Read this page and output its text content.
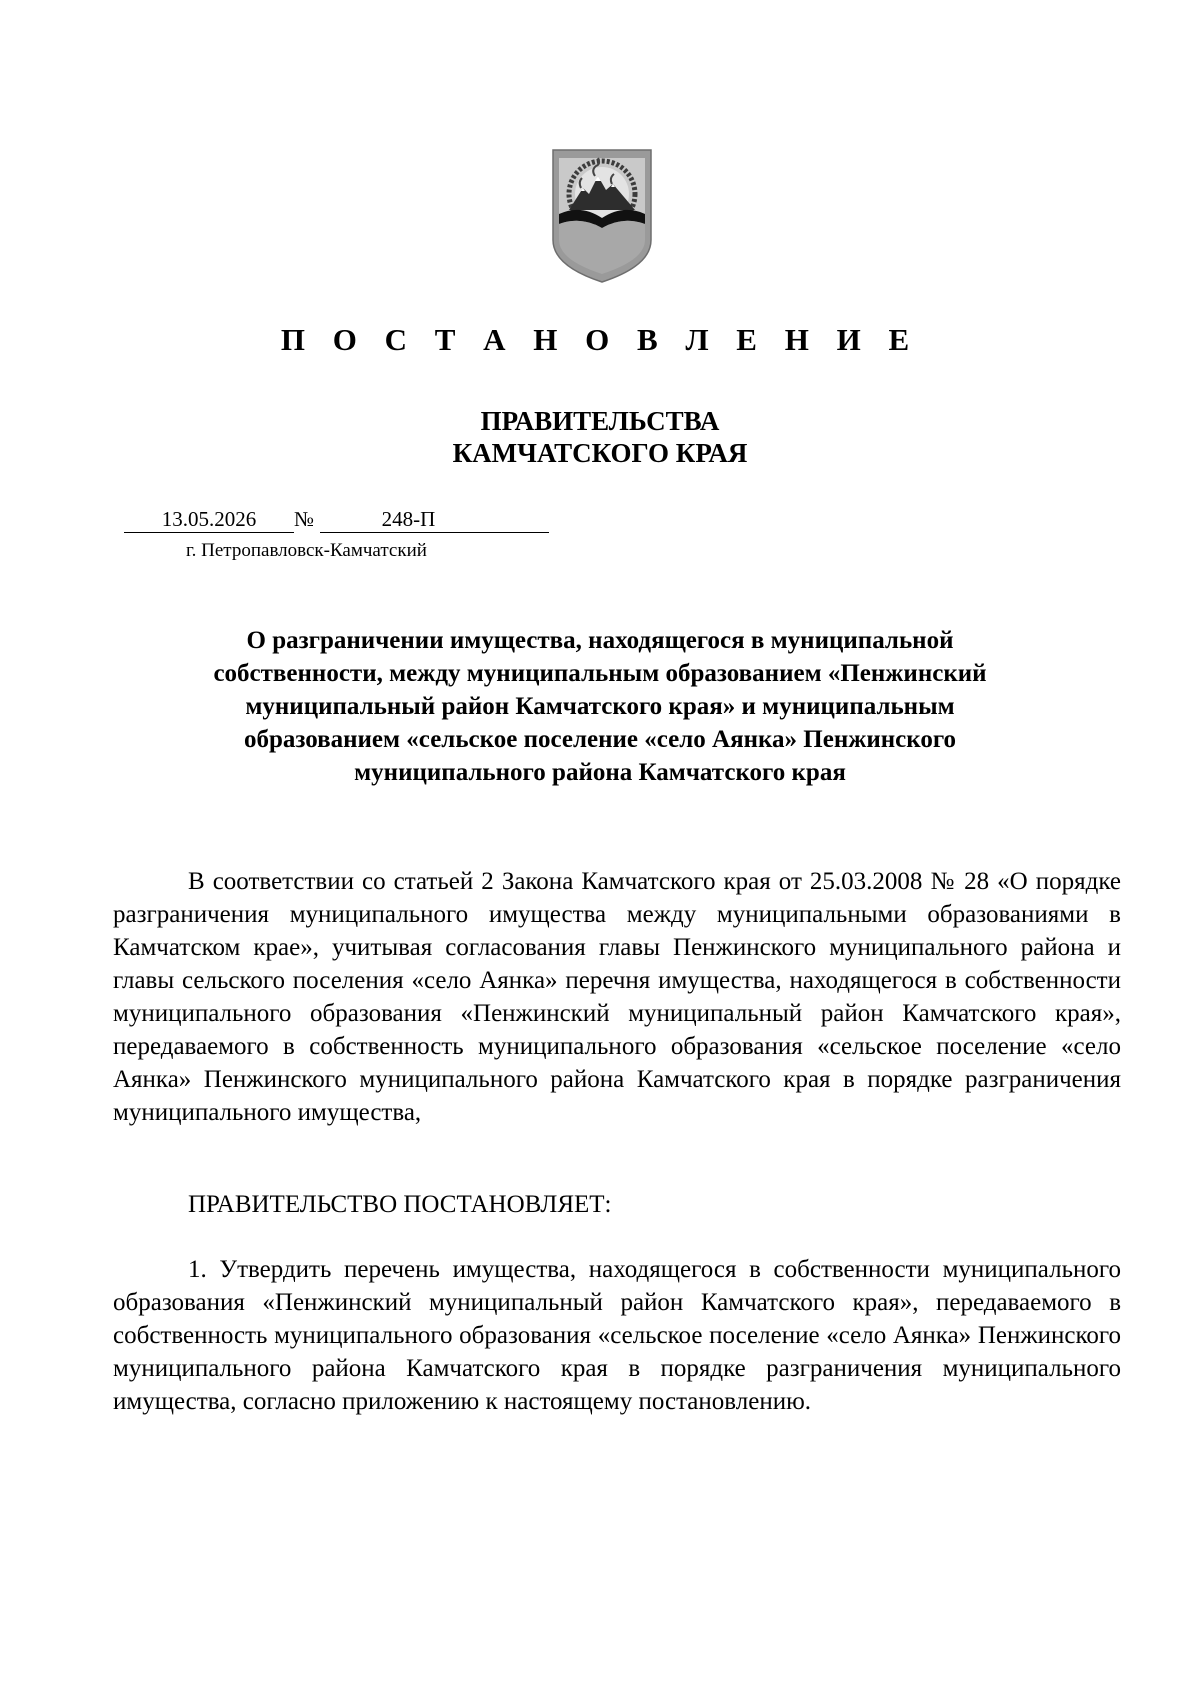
П О С Т А Н О В Л Е Н И Е
ПРАВИТЕЛЬСТВА
КАМЧАТСКОГО КРАЯ
13.05.2026	№	248-П
г. Петропавловск-Камчатский
О разграничении имущества, находящегося в муниципальной
собственности, между муниципальным образованием «Пенжинский
муниципальный район Камчатского края» и муниципальным
образованием «сельское поселение «село Аянка» Пенжинского
муниципального района Камчатского края

В соответствии со статьей 2 Закона Камчатского края от 25.03.2008 № 28 «О порядке разграничения муниципального имущества между муниципальными образованиями в Камчатском крае», учитывая согласования главы Пенжинского муниципального района и главы сельского поселения «село Аянка» перечня имущества, находящегося в собственности муниципального образования «Пенжинский муниципальный район Камчатского края», передаваемого в собственность муниципального образования «сельское поселение «село Аянка» Пенжинского муниципального района Камчатского края в порядке разграничения муниципального имущества,

ПРАВИТЕЛЬСТВО ПОСТАНОВЛЯЕТ:

1. Утвердить перечень имущества, находящегося в собственности муниципального образования «Пенжинский муниципальный район Камчатского края», передаваемого в собственность муниципального образования «сельское поселение «село Аянка» Пенжинского муниципального района Камчатского края в порядке разграничения муниципального имущества, согласно приложению к настоящему постановлению.
